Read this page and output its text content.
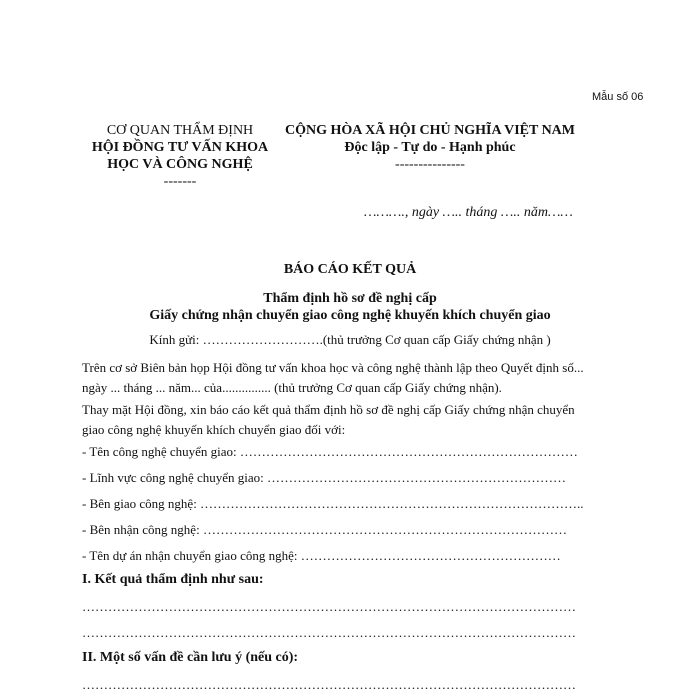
Mẫu số 06
CƠ QUAN THẨM ĐỊNH
HỘI ĐỒNG TƯ VẤN KHOA
HỌC VÀ CÔNG NGHỆ
-------
CỘNG HÒA XÃ HỘI CHỦ NGHĨA VIỆT NAM
Độc lập - Tự do - Hạnh phúc
---------------
………., ngày ….. tháng ….. năm……
BÁO CÁO KẾT QUẢ
Thẩm định hồ sơ đề nghị cấp
Giấy chứng nhận chuyển giao công nghệ khuyến khích chuyển giao
Kính gửi: ……………………….(thủ trưởng Cơ quan cấp Giấy chứng nhận )
Trên cơ sở Biên bản họp Hội đồng tư vấn khoa học và công nghệ thành lập theo Quyết định số...
ngày ... tháng ... năm... của............... (thủ trưởng Cơ quan cấp Giấy chứng nhận).
Thay mặt Hội đồng, xin báo cáo kết quả thẩm định hồ sơ đề nghị cấp Giấy chứng nhận chuyển
giao công nghệ khuyến khích chuyển giao đối với:
- Tên công nghệ chuyển giao: ……………………………………………………………………
- Lĩnh vực công nghệ chuyển giao: ……………………………………………………………
- Bên giao công nghệ: ……………………………………………………………………………..
- Bên nhận công nghệ: …………………………………………………………………………
- Tên dự án nhận chuyển giao công nghệ: ……………………………………………………
I. Kết quả thẩm định như sau:
……………………………………………………………………………………………………
……………………………………………………………………………………………………
II. Một số vấn đề cần lưu ý (nếu có):
……………………………………………………………………………………………………
